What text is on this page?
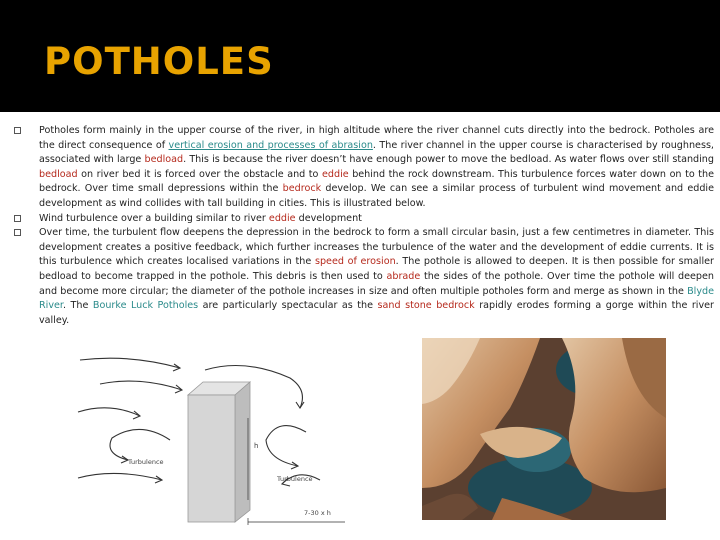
POTHOLES
Potholes form mainly in the upper course of the river, in high altitude where the river channel cuts directly into the bedrock. Potholes are the direct consequence of vertical erosion and processes of abrasion. The river channel in the upper course is characterised by roughness, associated with large bedload. This is because the river doesn’t have enough power to move the bedload. As water flows over still standing bedload on river bed it is forced over the obstacle and to eddie behind the rock downstream. This turbulence forces water down on to the bedrock. Over time small depressions within the bedrock develop. We can see a similar process of turbulent wind movement and eddie development as wind collides with tall building in cities. This is illustrated below.
Wind turbulence over a building similar to river eddie development
Over time, the turbulent flow deepens the depression in the bedrock to form a small circular basin, just a few centimetres in diameter. This development creates a positive feedback, which further increases the turbulence of the water and the development of eddie currents. It is this turbulence which creates localised variations in the speed of erosion. The pothole is allowed to deepen. It is then possible for smaller bedload to become trapped in the pothole. This debris is then used to abrade the sides of the pothole. Over time the pothole will deepen and become more circular; the diameter of the pothole increases in size and often multiple potholes form and merge as shown in the Blyde River. The Bourke Luck Potholes are particularly spectacular as the sand stone bedrock rapidly erodes forming a gorge within the river valley.
Turbulence
Turbulence
h
7-30 x h
